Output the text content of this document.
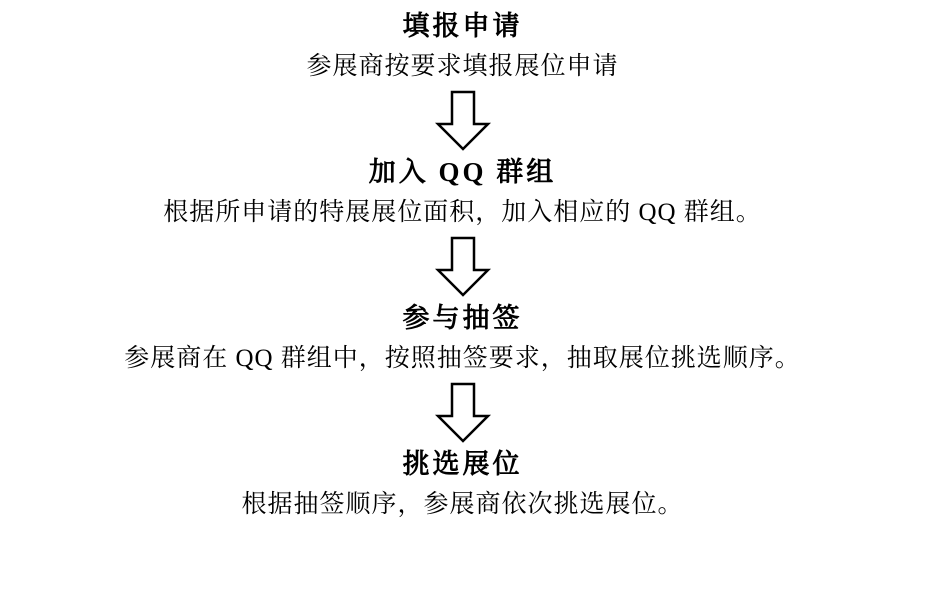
填报申请
参展商按要求填报展位申请
加入 QQ 群组
根据所申请的特展展位面积，加入相应的 QQ 群组。
参与抽签
参展商在 QQ 群组中，按照抽签要求，抽取展位挑选顺序。
挑选展位
根据抽签顺序，参展商依次挑选展位。
